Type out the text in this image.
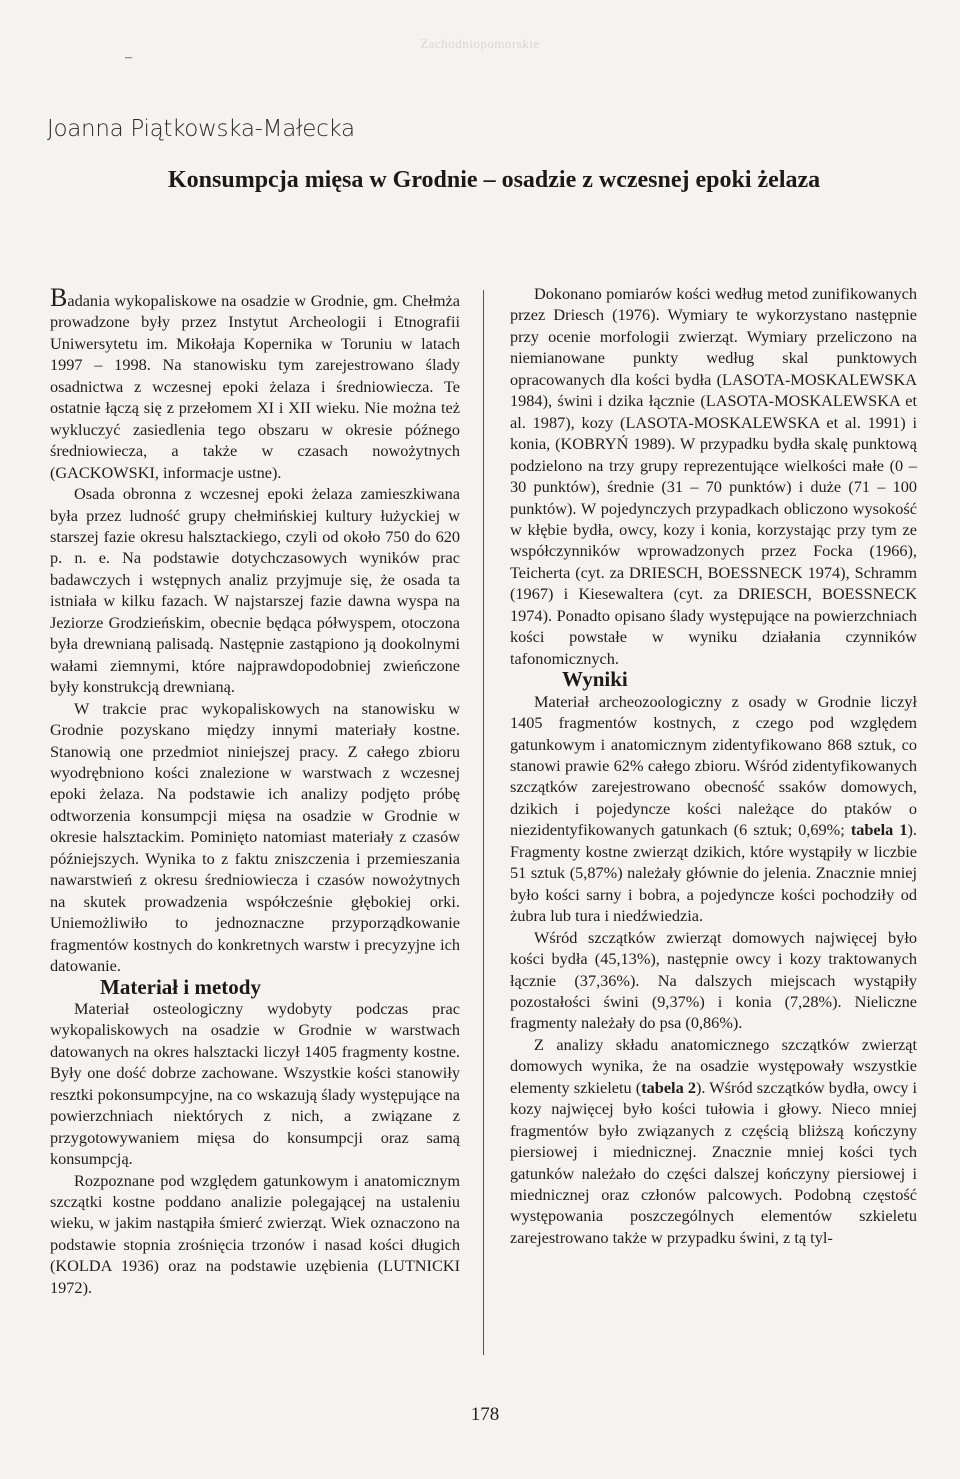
Zachodniopomorskie
–
Joanna Piątkowska-Małecka
Konsumpcja mięsa w Grodnie – osadzie z wczesnej epoki żelaza

Badania wykopaliskowe na osadzie w Grodnie, gm. Chełmża prowadzone były przez Instytut Archeologii i Etnografii Uniwersytetu im. Mikołaja Kopernika w Toruniu w latach 1997 – 1998. Na stanowisku tym zarejestrowano ślady osadnictwa z wczesnej epoki żelaza i średniowiecza. Te ostatnie łączą się z przełomem XI i XII wieku. Nie można też wykluczyć zasiedlenia tego obszaru w okresie późnego średniowiecza, a także w czasach nowożytnych (GACKOWSKI, informacje ustne).

Osada obronna z wczesnej epoki żelaza zamieszkiwana była przez ludność grupy chełmińskiej kultury łużyckiej w starszej fazie okresu halsztackiego, czyli od około 750 do 620 p. n. e. Na podstawie dotychczasowych wyników prac badawczych i wstępnych analiz przyjmuje się, że osada ta istniała w kilku fazach. W najstarszej fazie dawna wyspa na Jeziorze Grodzieńskim, obecnie będąca półwyspem, otoczona była drewnianą palisadą. Następnie zastąpiono ją dookolnymi wałami ziemnymi, które najprawdopodobniej zwieńczone były konstrukcją drewnianą.

W trakcie prac wykopaliskowych na stanowisku w Grodnie pozyskano między innymi materiały kostne. Stanowią one przedmiot niniejszej pracy. Z całego zbioru wyodrębniono kości znalezione w warstwach z wczesnej epoki żelaza. Na podstawie ich analizy podjęto próbę odtworzenia konsumpcji mięsa na osadzie w Grodnie w okresie halsztackim. Pominięto natomiast materiały z czasów późniejszych. Wynika to z faktu zniszczenia i przemieszania nawarstwień z okresu średniowiecza i czasów nowożytnych na skutek prowadzenia współcześnie głębokiej orki. Uniemożliwiło to jednoznaczne przyporządkowanie fragmentów kostnych do konkretnych warstw i precyzyjne ich datowanie.

Materiał i metody

Materiał osteologiczny wydobyty podczas prac wykopaliskowych na osadzie w Grodnie w warstwach datowanych na okres halsztacki liczył 1405 fragmenty kostne. Były one dość dobrze zachowane. Wszystkie kości stanowiły resztki pokonsumpcyjne, na co wskazują ślady występujące na powierzchniach niektórych z nich, a związane z przygotowywaniem mięsa do konsumpcji oraz samą konsumpcją.

Rozpoznane pod względem gatunkowym i anatomicznym szczątki kostne poddano analizie polegającej na ustaleniu wieku, w jakim nastąpiła śmierć zwierząt. Wiek oznaczono na podstawie stopnia zrośnięcia trzonów i nasad kości długich (KOLDA 1936) oraz na podstawie uzębienia (LUTNICKI 1972).

Dokonano pomiarów kości według metod zunifikowanych przez Driesch (1976). Wymiary te wykorzystano następnie przy ocenie morfologii zwierząt. Wymiary przeliczono na niemianowane punkty według skal punktowych opracowanych dla kości bydła (LASOTA-MOSKALEWSKA 1984), świni i dzika łącznie (LASOTA-MOSKALEWSKA et al. 1987), kozy (LASOTA-MOSKALEWSKA et al. 1991) i konia, (KOBRYŃ 1989). W przypadku bydła skalę punktową podzielono na trzy grupy reprezentujące wielkości małe (0 – 30 punktów), średnie (31 – 70 punktów) i duże (71 – 100 punktów). W pojedynczych przypadkach obliczono wysokość w kłębie bydła, owcy, kozy i konia, korzystając przy tym ze współczynników wprowadzonych przez Focka (1966), Teicherta (cyt. za DRIESCH, BOESSNECK 1974), Schramm (1967) i Kiesewaltera (cyt. za DRIESCH, BOESSNECK 1974). Ponadto opisano ślady występujące na powierzchniach kości powstałe w wyniku działania czynników tafonomicznych.

Wyniki

Materiał archeozoologiczny z osady w Grodnie liczył 1405 fragmentów kostnych, z czego pod względem gatunkowym i anatomicznym zidentyfikowano 868 sztuk, co stanowi prawie 62% całego zbioru. Wśród zidentyfikowanych szczątków zarejestrowano obecność ssaków domowych, dzikich i pojedyncze kości należące do ptaków o niezidentyfikowanych gatunkach (6 sztuk; 0,69%; tabela 1). Fragmenty kostne zwierząt dzikich, które wystąpiły w liczbie 51 sztuk (5,87%) należały głównie do jelenia. Znacznie mniej było kości sarny i bobra, a pojedyncze kości pochodziły od żubra lub tura i niedźwiedzia.

Wśród szczątków zwierząt domowych najwięcej było kości bydła (45,13%), następnie owcy i kozy traktowanych łącznie (37,36%). Na dalszych miejscach wystąpiły pozostałości świni (9,37%) i konia (7,28%). Nieliczne fragmenty należały do psa (0,86%).

Z analizy składu anatomicznego szczątków zwierząt domowych wynika, że na osadzie występowały wszystkie elementy szkieletu (tabela 2). Wśród szczątków bydła, owcy i kozy najwięcej było kości tułowia i głowy. Nieco mniej fragmentów było związanych z częścią bliższą kończyny piersiowej i miednicznej. Znacznie mniej kości tych gatunków należało do części dalszej kończyny piersiowej i miednicznej oraz członów palcowych. Podobną częstość występowania poszczególnych elementów szkieletu zarejestrowano także w przypadku świni, z tą tyl-

178
